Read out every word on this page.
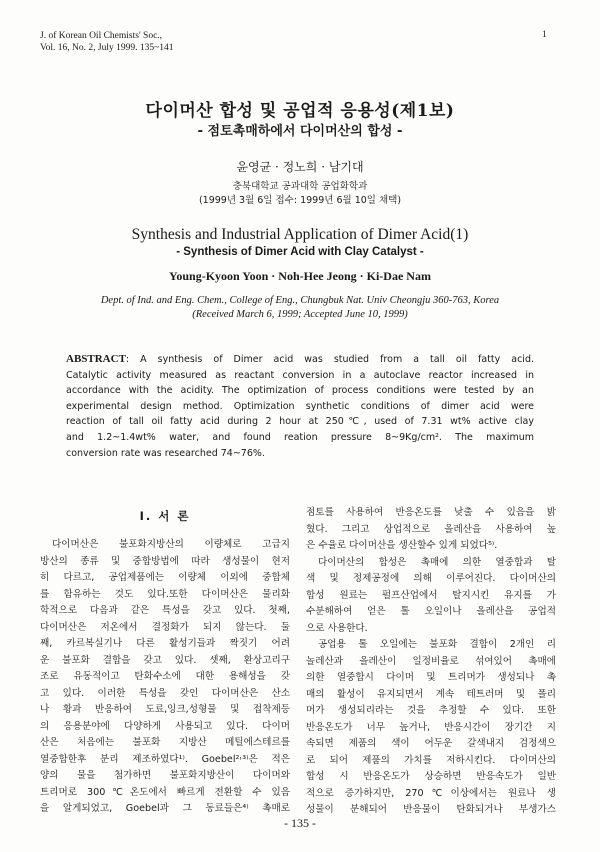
J. of Korean Oil Chemists' Soc.,
Vol. 16, No. 2, July 1999. 135~141
1
다이머산 합성 및 공업적 응용성(제1보)
- 점토촉매하에서 다이머산의 합성 -
윤영균 · 정노희 · 남기대
충북대학교 공과대학 공업화학과
(1999년 3월 6일 접수: 1999년 6월 10일 채택)
Synthesis and Industrial Application of Dimer Acid(1)
- Synthesis of Dimer Acid with Clay Catalyst -
Young-Kyoon Yoon · Noh-Hee Jeong · Ki-Dae Nam
Dept. of Ind. and Eng. Chem., College of Eng., Chungbuk Nat. Univ Cheongju 360-763, Korea
(Received March 6, 1999; Accepted June 10, 1999)
ABSTRACT: A synthesis of Dimer acid was studied from a tall oil fatty acid.
Catalytic activity measured as reactant conversion in a autoclave reactor increased in
accordance with the acidity. The optimization of process conditions were tested by an
experimental design method. Optimization synthetic conditions of dimer acid were
reaction of tall oil fatty acid during 2 hour at 250℃, used of 7.31 wt% active clay
and 1.2~1.4wt% water, and found reation pressure 8~9Kg/cm². The maximum
conversion rate was researched 74~76%.
I. 서 론
다이머산은 불포화지방산의 이량체로 고급지
방산의 종류 및 중합방법에 따라 생성물이 현저
히 다르고, 공업제품에는 이량체 이외에 중합체
를 함유하는 것도 있다.또한 다이머산은 물리화
학적으로 다음과 같은 특성을 갖고 있다. 첫째,
다이머산은 저온에서 결정화가 되지 않는다. 둘
째, 카르복실기나 다른 활성기들과 짝짓기 어려
운 불포화 결합을 갖고 있다. 셋째, 환상고리구
조로 유동적이고 탄화수소에 대한 용해성을 갖
고 있다. 이러한 특성을 갖인 다이머산은 산소
나 황과 반응하여 도료,잉크,성형물 및 접착제등
의 응용분야에 다양하게 사용되고 있다. 다이머
산은 처음에는 불포화 지방산 메틸에스테르를
열중합한후 분리 제조하였다¹⁾. Goebel²˒³⁾은 적은
양의 물을 첨가하면 불포화지방산이 다이머와
트리머로 300℃온도에서 빠르게 전환할 수 있음
을 알게되었고, Goebel과 그 동료들은⁴⁾ 촉매로
점토를 사용하여 반응온도를 낮출 수 있음을 밝
혔다. 그리고 상업적으로 올레산을 사용하여 높
은 수율로 다이머산을 생산할수 있게 되었다⁵⁾.
다이머산의 합성은 촉매에 의한 열중합과 탈
색 및 정제공정에 의해 이루어진다. 다이머산의
합성 원료는 펄프산업에서 탈지시킨 유지를 가
수분해하여 얻은 톨 오일이나 올레산을 공업적
으로 사용한다.
공업용 톨 오일에는 불포화 결합이 2개인 리
놀레산과 올레산이 일정비율로 섞여있어 촉매에
의한 열중합시 다이머 및 트리머가 생성되나 촉
매의 활성이 유지되면서 계속 테트러머 및 폴리
머가 생성되리라는 것을 추정할 수 있다. 또한
반응온도가 너무 높거나, 반응시간이 장기간 지
속되면 제품의 색이 어두운 갈색내지 검정색으
로 되어 제품의 가치를 저하시킨다. 다이머산의
합성 시 반응온도가 상승하면 반응속도가 일반
적으로 증가하지만, 270℃이상에서는 원료나 생
성물이 분해되어 반응물이 탄화되거나 부생가스
- 135 -
